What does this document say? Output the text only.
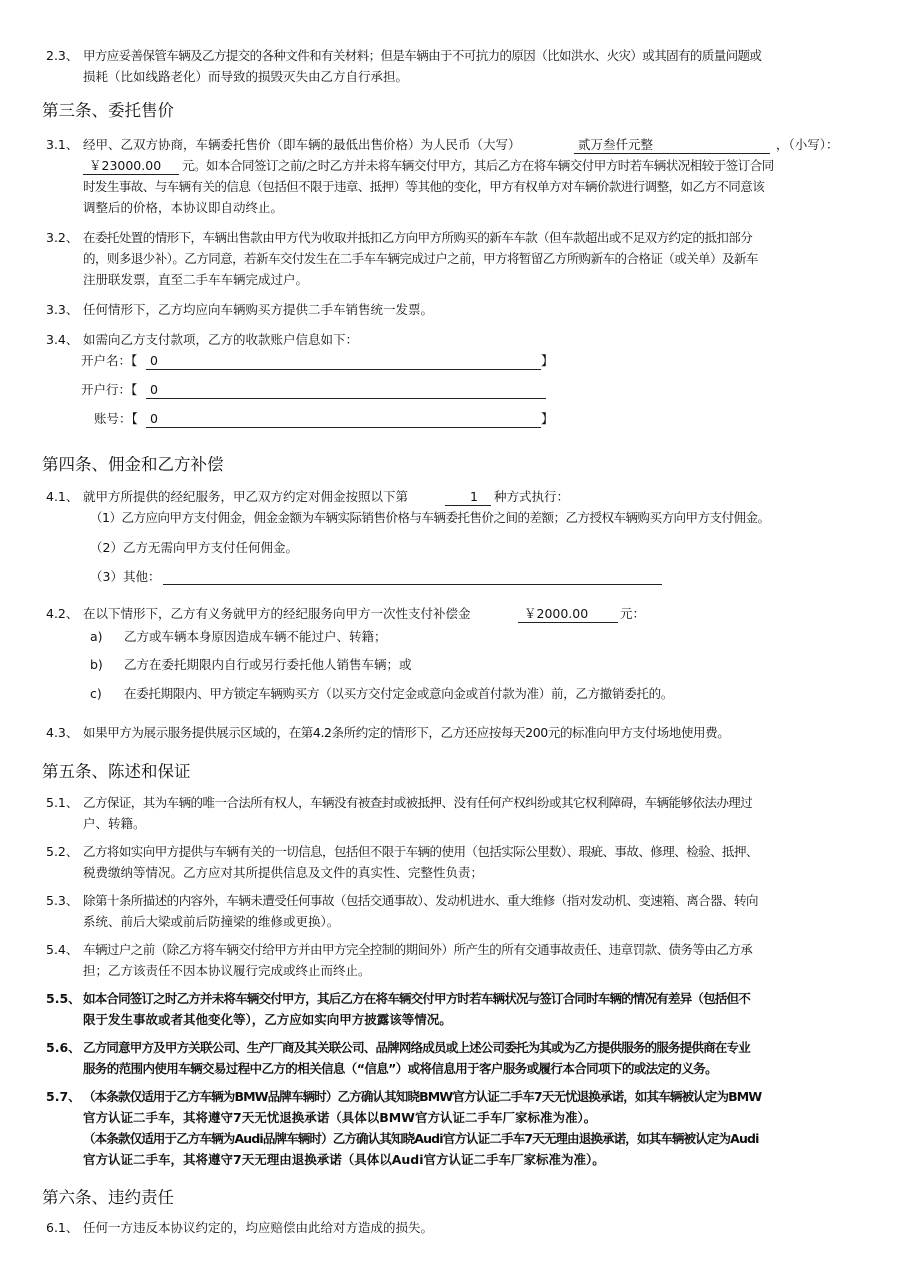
2.3、 甲方应妥善保管车辆及乙方提交的各种文件和有关材料；但是车辆由于不可抗力的原因（比如洪水、火灾）或其固有的质量问题或
损耗（比如线路老化）而导致的损毁灭失由乙方自行承担。
第三条、委托售价
3.1、 经甲、乙双方协商，车辆委托售价（即车辆的最低出售价格）为人民币（大写）	贰万叁仟元整	，（小写）：
￥23000.00 元。如本合同签订之前/之时乙方并未将车辆交付甲方，其后乙方在将车辆交付甲方时若车辆状况相较于签订合同
时发生事故、与车辆有关的信息（包括但不限于违章、抵押）等其他的变化，甲方有权单方对车辆价款进行调整，如乙方不同意该
调整后的价格，本协议即自动终止。
3.2、 在委托处置的情形下，车辆出售款由甲方代为收取并抵扣乙方向甲方所购买的新车车款（但车款超出或不足双方约定的抵扣部分
的，则多退少补）。乙方同意，若新车交付发生在二手车车辆完成过户之前，甲方将暂留乙方所购新车的合格证（或关单）及新车
注册联发票，直至二手车车辆完成过户。
3.3、 任何情形下，乙方均应向车辆购买方提供二手车销售统一发票。
3.4、 如需向乙方支付款项，乙方的收款账户信息如下：
开户名：【 0	】
开户行：【 0
账号：【 0	】
第四条、佣金和乙方补偿
4.1、 就甲方所提供的经纪服务，甲乙双方约定对佣金按照以下第	1 种方式执行：
（1）乙方应向甲方支付佣金，佣金金额为车辆实际销售价格与车辆委托售价之间的差额；乙方授权车辆购买方向甲方支付佣金。
（2）乙方无需向甲方支付任何佣金。
（3）其他：
4.2、 在以下情形下，乙方有义务就甲方的经纪服务向甲方一次性支付补偿金	￥2000.00	元：
a) 乙方或车辆本身原因造成车辆不能过户、转籍；
b) 乙方在委托期限内自行或另行委托他人销售车辆；或
c) 在委托期限内、甲方锁定车辆购买方（以买方交付定金或意向金或首付款为准）前，乙方撤销委托的。
4.3、 如果甲方为展示服务提供展示区域的，在第4.2条所约定的情形下，乙方还应按每天200元的标准向甲方支付场地使用费。
第五条、陈述和保证
5.1、 乙方保证，其为车辆的唯一合法所有权人，车辆没有被查封或被抵押、没有任何产权纠纷或其它权利障碍，车辆能够依法办理过
户、转籍。
5.2、 乙方将如实向甲方提供与车辆有关的一切信息，包括但不限于车辆的使用（包括实际公里数）、瑕疵、事故、修理、检验、抵押、
税费缴纳等情况。乙方应对其所提供信息及文件的真实性、完整性负责；
5.3、 除第十条所描述的内容外，车辆未遭受任何事故（包括交通事故）、发动机进水、重大维修（指对发动机、变速箱、离合器、转向
系统、前后大梁或前后防撞梁的维修或更换）。
5.4、 车辆过户之前（除乙方将车辆交付给甲方并由甲方完全控制的期间外）所产生的所有交通事故责任、违章罚款、债务等由乙方承
担；乙方该责任不因本协议履行完成或终止而终止。
5.5、 如本合同签订之时乙方并未将车辆交付甲方，其后乙方在将车辆交付甲方时若车辆状况与签订合同时车辆的情况有差异（包括但不
限于发生事故或者其他变化等），乙方应如实向甲方披露该等情况。
5.6、 乙方同意甲方及甲方关联公司、生产厂商及其关联公司、品牌网络成员或上述公司委托为其或为乙方提供服务的服务提供商在专业
服务的范围内使用车辆交易过程中乙方的相关信息（“信息”）或将信息用于客户服务或履行本合同项下的或法定的义务。
5.7、 （本条款仅适用于乙方车辆为BMW品牌车辆时）乙方确认其知晓BMW官方认证二手车7天无忧退换承诺，如其车辆被认定为BMW
官方认证二手车，其将遵守7天无忧退换承诺（具体以BMW官方认证二手车厂家标准为准）。
（本条款仅适用于乙方车辆为Audi品牌车辆时）乙方确认其知晓Audi官方认证二手车7天无理由退换承诺，如其车辆被认定为Audi
官方认证二手车，其将遵守7天无理由退换承诺（具体以Audi官方认证二手车厂家标准为准）。
第六条、违约责任
6.1、 任何一方违反本协议约定的，均应赔偿由此给对方造成的损失。
